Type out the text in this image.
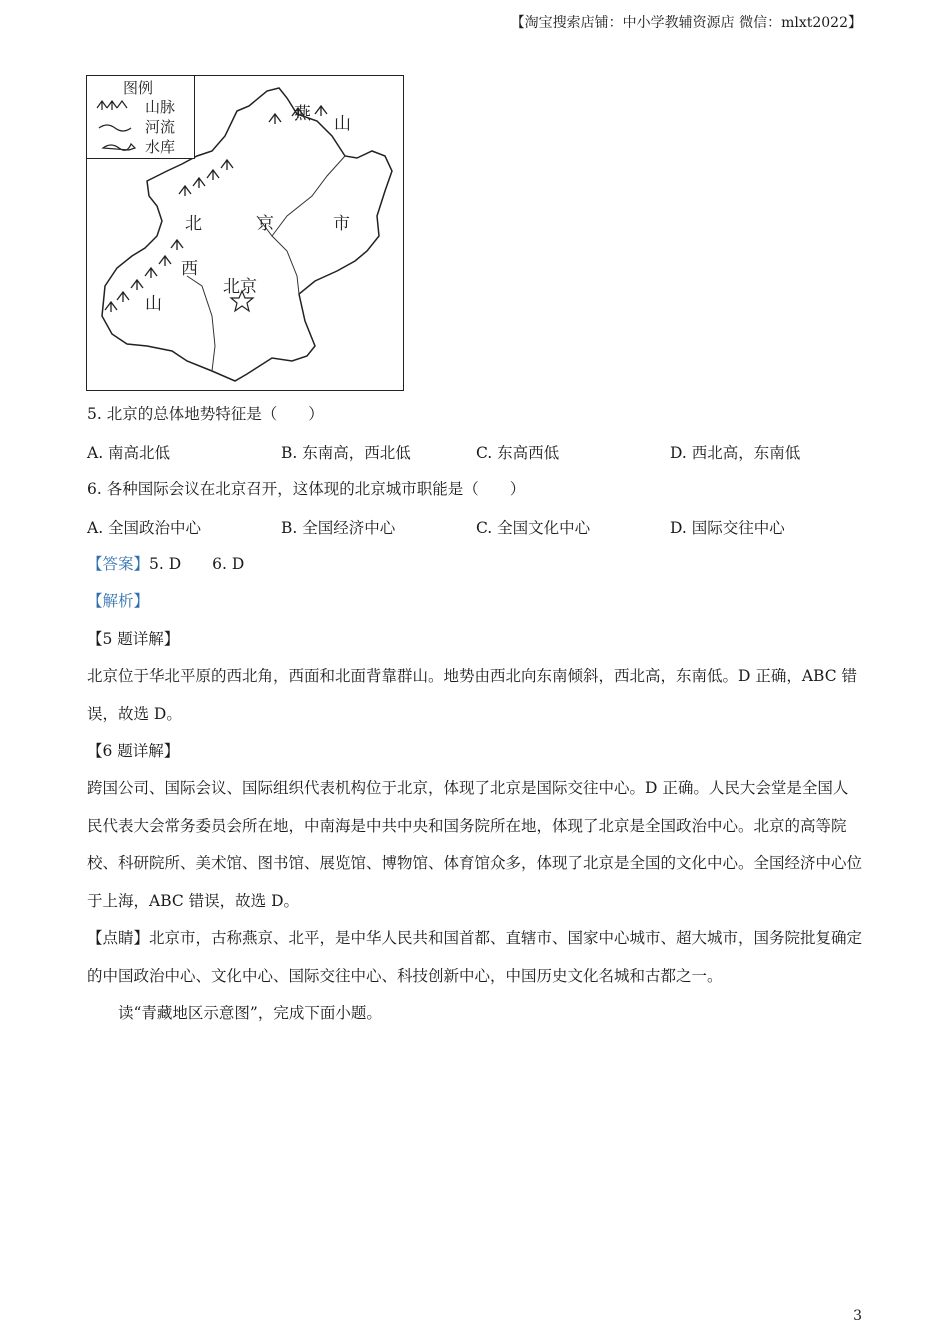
【淘宝搜索店铺：中小学教辅资源店 微信：mlxt2022】
图例
山脉
河流
水库
燕 山
北	京	市
西
山
北京
5. 北京的总体地势特征是（　　）
A. 南高北低	B. 东南高，西北低	C. 东高西低	D. 西北高，东南低
6. 各种国际会议在北京召开，这体现的北京城市职能是（　　）
A. 全国政治中心	B. 全国经济中心	C. 全国文化中心	D. 国际交往中心
【答案】5. D　　6. D
【解析】
【5 题详解】
北京位于华北平原的西北角，西面和北面背靠群山。地势由西北向东南倾斜，西北高，东南低。D 正确，ABC 错误，故选 D。
【6 题详解】
跨国公司、国际会议、国际组织代表机构位于北京，体现了北京是国际交往中心。D 正确。人民大会堂是全国人民代表大会常务委员会所在地，中南海是中共中央和国务院所在地，体现了北京是全国政治中心。北京的高等院校、科研院所、美术馆、图书馆、展览馆、博物馆、体育馆众多，体现了北京是全国的文化中心。全国经济中心位于上海，ABC 错误，故选 D。
【点睛】北京市，古称燕京、北平，是中华人民共和国首都、直辖市、国家中心城市、超大城市，国务院批复确定的中国政治中心、文化中心、国际交往中心、科技创新中心，中国历史文化名城和古都之一。
读“青藏地区示意图”，完成下面小题。
3
